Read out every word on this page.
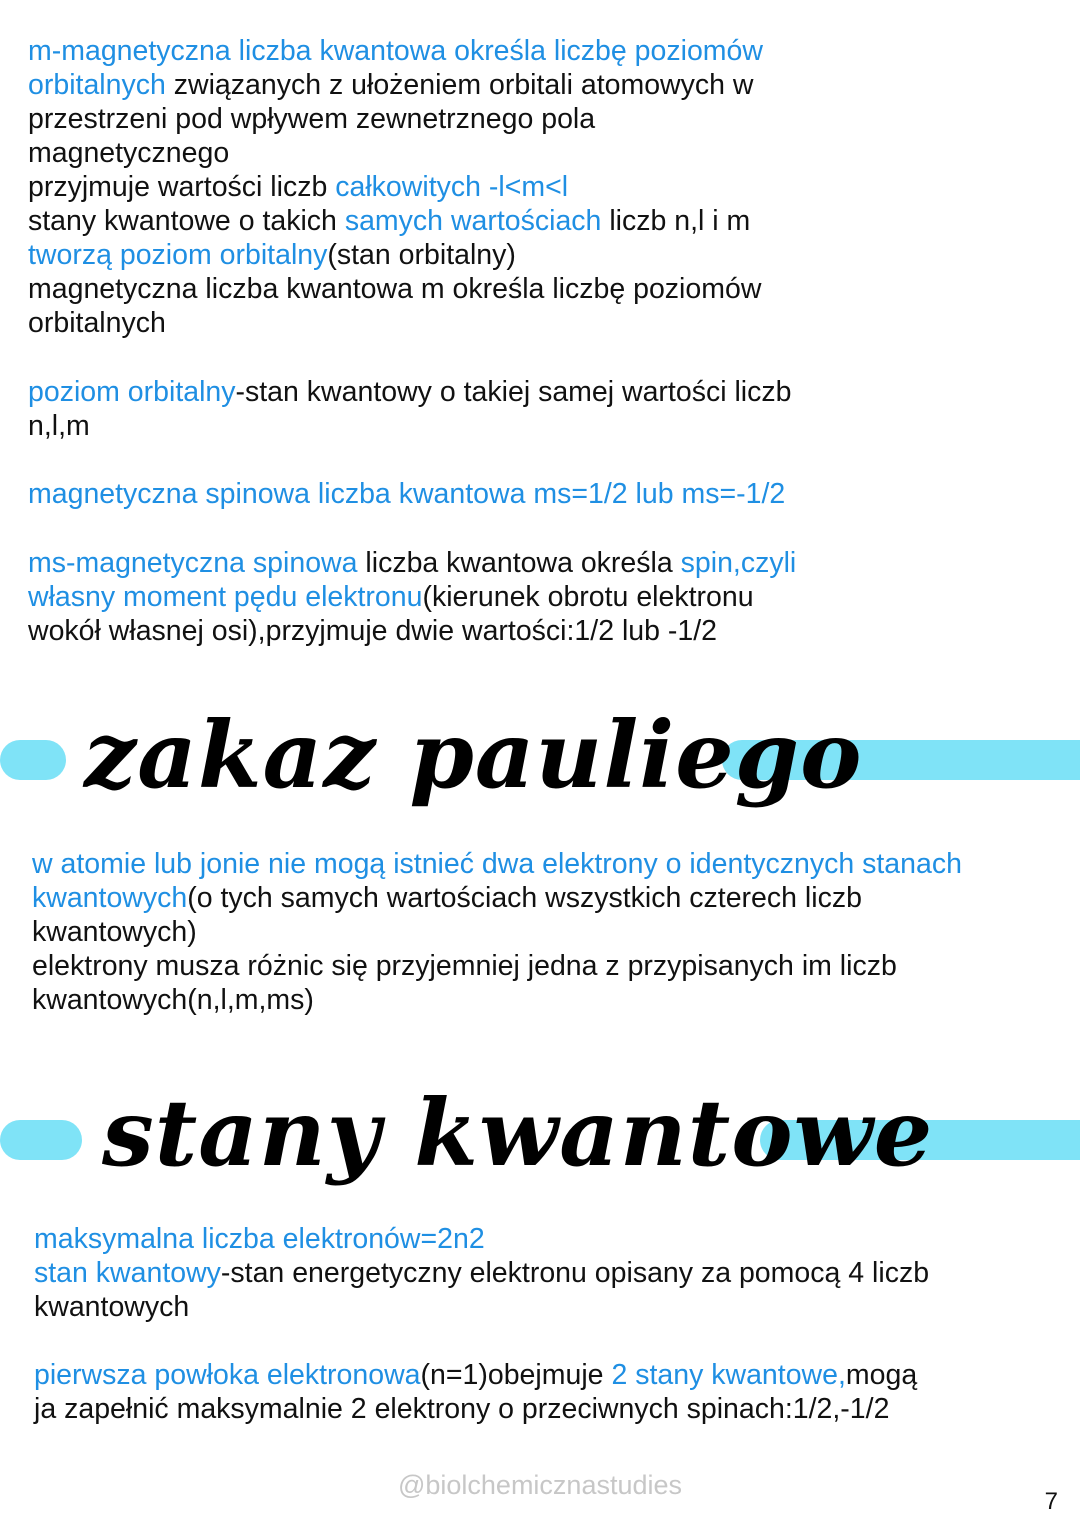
m-magnetyczna liczba kwantowa określa liczbę poziomów
orbitalnych związanych z ułożeniem orbitali atomowych w
przestrzeni pod wpływem zewnetrznego pola
magnetycznego
przyjmuje wartości liczb całkowitych -l<m<l
stany kwantowe o takich samych wartościach liczb n,l i m
tworzą poziom orbitalny(stan orbitalny)
magnetyczna liczba kwantowa m określa liczbę poziomów
orbitalnych
poziom orbitalny-stan kwantowy o takiej samej wartości liczb
n,l,m
magnetyczna spinowa liczba kwantowa ms=1/2 lub ms=-1/2
ms-magnetyczna spinowa liczba kwantowa określa spin,czyli
własny moment pędu elektronu(kierunek obrotu elektronu
wokół własnej osi),przyjmuje dwie wartości:1/2 lub -1/2
zakaz pauliego
w atomie lub jonie nie mogą istnieć dwa elektrony o identycznych stanach
kwantowych(o tych samych wartościach wszystkich czterech liczb
kwantowych)
elektrony musza różnic się przyjemniej jedna z przypisanych im liczb
kwantowych(n,l,m,ms)
stany kwantowe
maksymalna liczba elektronów=2n2
stan kwantowy-stan energetyczny elektronu opisany za pomocą 4 liczb
kwantowych
pierwsza powłoka elektronowa(n=1)obejmuje 2 stany kwantowe,mogą
ja zapełnić maksymalnie 2 elektrony o przeciwnych spinach:1/2,-1/2
@biolchemicznastudies
7
